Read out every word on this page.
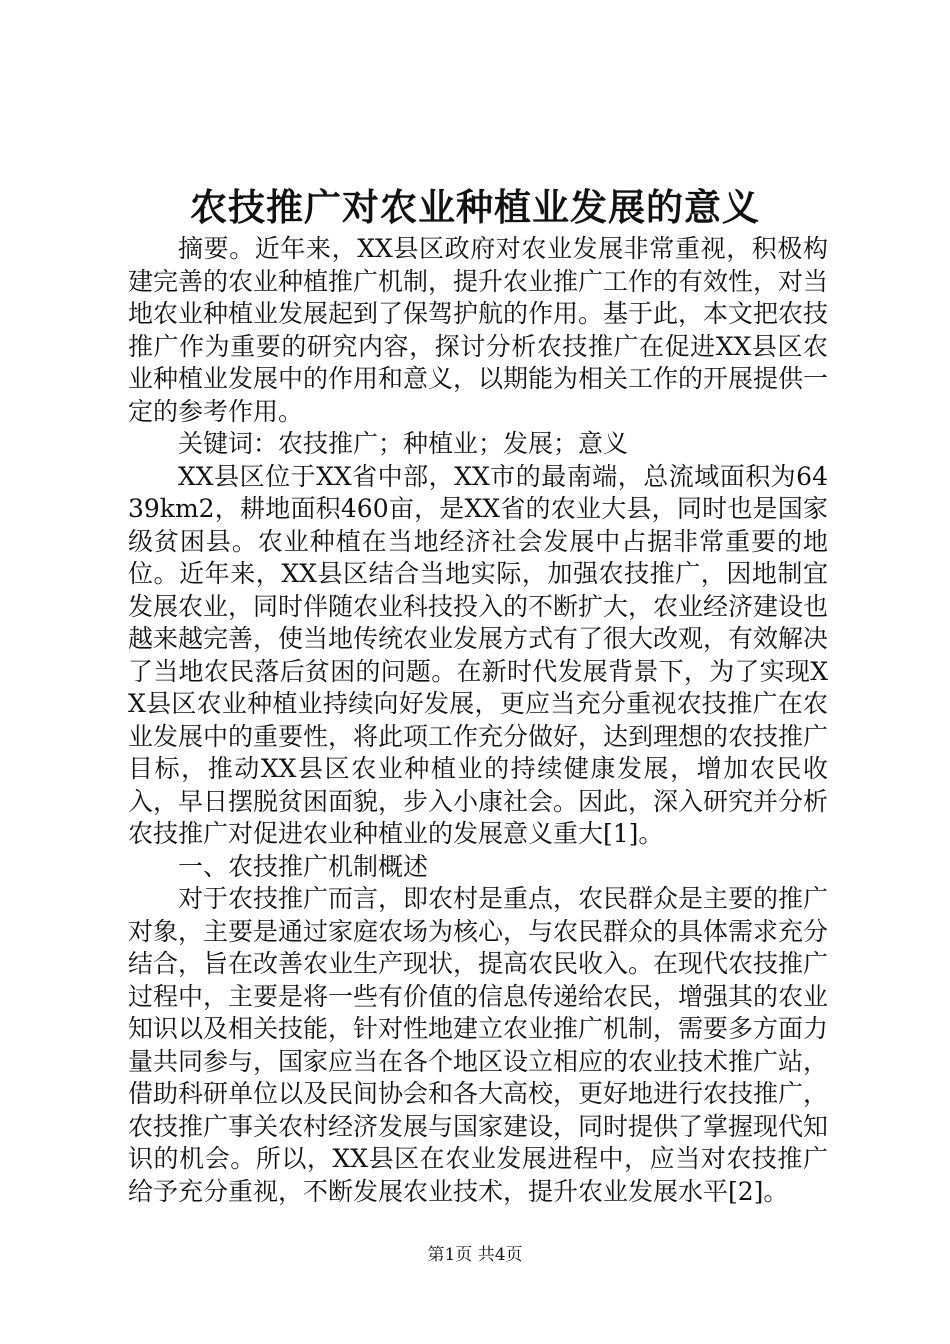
农技推广对农业种植业发展的意义

摘要。近年来，XX县区政府对农业发展非常重视，积极构建完善的农业种植推广机制，提升农业推广工作的有效性，对当地农业种植业发展起到了保驾护航的作用。基于此，本文把农技推广作为重要的研究内容，探讨分析农技推广在促进XX县区农业种植业发展中的作用和意义，以期能为相关工作的开展提供一定的参考作用。

关键词：农技推广；种植业；发展；意义

XX县区位于XX省中部，XX市的最南端，总流域面积为6439km2，耕地面积460亩，是XX省的农业大县，同时也是国家级贫困县。农业种植在当地经济社会发展中占据非常重要的地位。近年来，XX县区结合当地实际，加强农技推广，因地制宜发展农业，同时伴随农业科技投入的不断扩大，农业经济建设也越来越完善，使当地传统农业发展方式有了很大改观，有效解决了当地农民落后贫困的问题。在新时代发展背景下，为了实现XX县区农业种植业持续向好发展，更应当充分重视农技推广在农业发展中的重要性，将此项工作充分做好，达到理想的农技推广目标，推动XX县区农业种植业的持续健康发展，增加农民收入，早日摆脱贫困面貌，步入小康社会。因此，深入研究并分析农技推广对促进农业种植业的发展意义重大[1]。

一、农技推广机制概述

对于农技推广而言，即农村是重点，农民群众是主要的推广对象，主要是通过家庭农场为核心，与农民群众的具体需求充分结合，旨在改善农业生产现状，提高农民收入。在现代农技推广过程中，主要是将一些有价值的信息传递给农民，增强其的农业知识以及相关技能，针对性地建立农业推广机制，需要多方面力量共同参与，国家应当在各个地区设立相应的农业技术推广站，借助科研单位以及民间协会和各大高校，更好地进行农技推广，农技推广事关农村经济发展与国家建设，同时提供了掌握现代知识的机会。所以，XX县区在农业发展进程中，应当对农技推广给予充分重视，不断发展农业技术，提升农业发展水平[2]。

第1页 共4页
